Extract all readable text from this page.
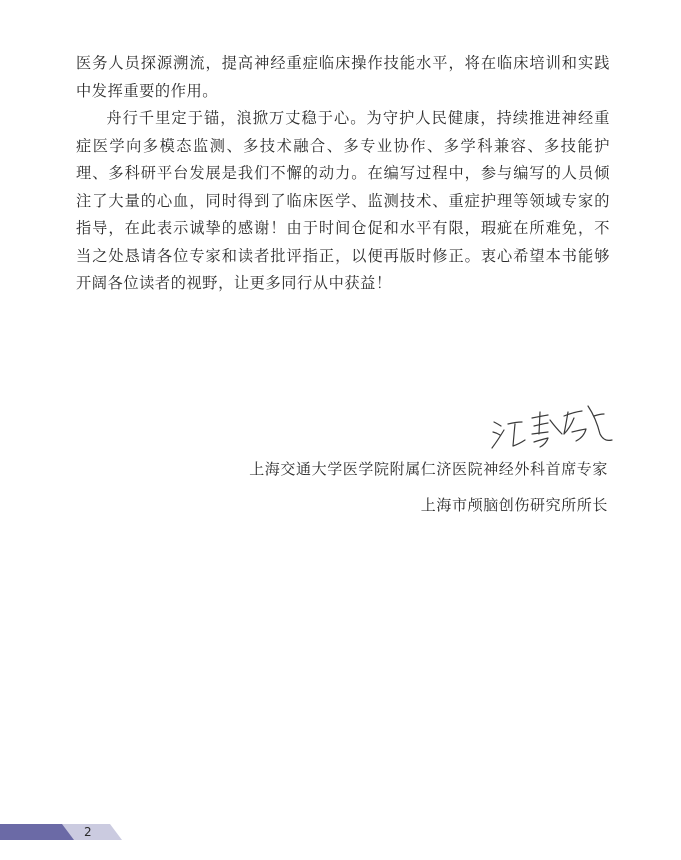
医务人员探源溯流，提高神经重症临床操作技能水平，将在临床培训和实践中发挥重要的作用。

舟行千里定于锚，浪掀万丈稳于心。为守护人民健康，持续推进神经重症医学向多模态监测、多技术融合、多专业协作、多学科兼容、多技能护理、多科研平台发展是我们不懈的动力。在编写过程中，参与编写的人员倾注了大量的心血，同时得到了临床医学、监测技术、重症护理等领域专家的指导，在此表示诚挚的感谢！由于时间仓促和水平有限，瑕疵在所难免，不当之处恳请各位专家和读者批评指正，以便再版时修正。衷心希望本书能够开阔各位读者的视野，让更多同行从中获益！

上海交通大学医学院附属仁济医院神经外科首席专家
上海市颅脑创伤研究所所长
2
